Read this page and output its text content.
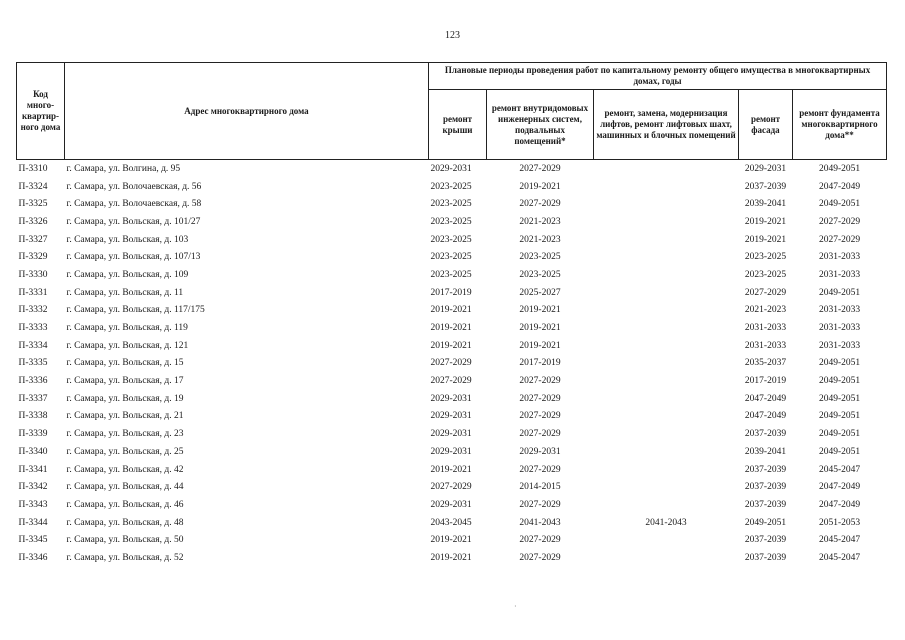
123
Код много-квартир-ного дома	Адрес многоквартирного дома	Плановые периоды проведения работ по капитальному ремонту общего имущества в многоквартирных домах, годы				
		ремонт крыши	ремонт внутридомовых инженерных систем, подвальных помещений*	ремонт, замена, модернизация лифтов, ремонт лифтовых шахт, машинных и блочных помещений	ремонт фасада	ремонт фундамента многоквартирного дома**
П-3310	г. Самара, ул. Волгина, д. 95	2029-2031	2027-2029		2029-2031	2049-2051
П-3324	г. Самара, ул. Волочаевская, д. 56	2023-2025	2019-2021		2037-2039	2047-2049
П-3325	г. Самара, ул. Волочаевская, д. 58	2023-2025	2027-2029		2039-2041	2049-2051
П-3326	г. Самара, ул. Вольская, д. 101/27	2023-2025	2021-2023		2019-2021	2027-2029
П-3327	г. Самара, ул. Вольская, д. 103	2023-2025	2021-2023		2019-2021	2027-2029
П-3329	г. Самара, ул. Вольская, д. 107/13	2023-2025	2023-2025		2023-2025	2031-2033
П-3330	г. Самара, ул. Вольская, д. 109	2023-2025	2023-2025		2023-2025	2031-2033
П-3331	г. Самара, ул. Вольская, д. 11	2017-2019	2025-2027		2027-2029	2049-2051
П-3332	г. Самара, ул. Вольская, д. 117/175	2019-2021	2019-2021		2021-2023	2031-2033
П-3333	г. Самара, ул. Вольская, д. 119	2019-2021	2019-2021		2031-2033	2031-2033
П-3334	г. Самара, ул. Вольская, д. 121	2019-2021	2019-2021		2031-2033	2031-2033
П-3335	г. Самара, ул. Вольская, д. 15	2027-2029	2017-2019		2035-2037	2049-2051
П-3336	г. Самара, ул. Вольская, д. 17	2027-2029	2027-2029		2017-2019	2049-2051
П-3337	г. Самара, ул. Вольская, д. 19	2029-2031	2027-2029		2047-2049	2049-2051
П-3338	г. Самара, ул. Вольская, д. 21	2029-2031	2027-2029		2047-2049	2049-2051
П-3339	г. Самара, ул. Вольская, д. 23	2029-2031	2027-2029		2037-2039	2049-2051
П-3340	г. Самара, ул. Вольская, д. 25	2029-2031	2029-2031		2039-2041	2049-2051
П-3341	г. Самара, ул. Вольская, д. 42	2019-2021	2027-2029		2037-2039	2045-2047
П-3342	г. Самара, ул. Вольская, д. 44	2027-2029	2014-2015		2037-2039	2047-2049
П-3343	г. Самара, ул. Вольская, д. 46	2029-2031	2027-2029		2037-2039	2047-2049
П-3344	г. Самара, ул. Вольская, д. 48	2043-2045	2041-2043	2041-2043	2049-2051	2051-2053
П-3345	г. Самара, ул. Вольская, д. 50	2019-2021	2027-2029		2037-2039	2045-2047
П-3346	г. Самара, ул. Вольская, д. 52	2019-2021	2027-2029		2037-2039	2045-2047
·
